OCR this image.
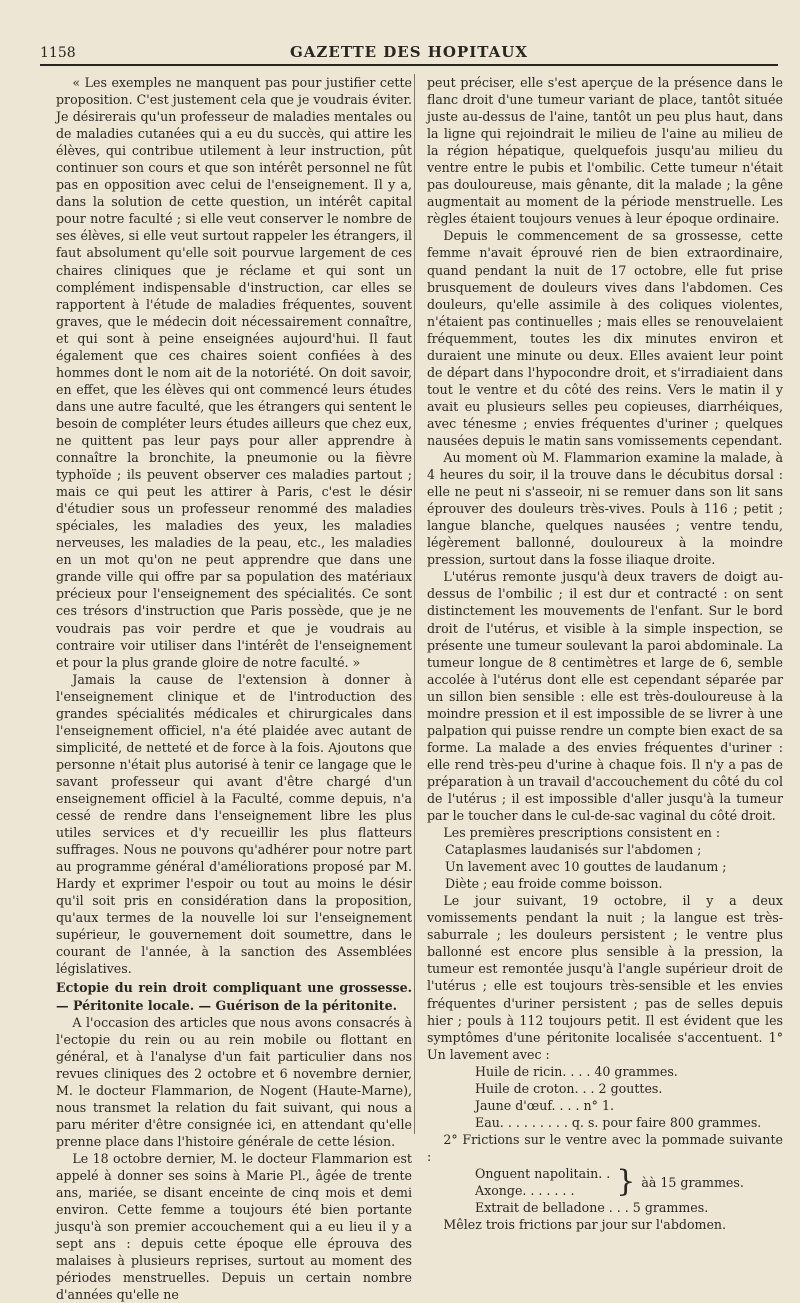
1158	GAZETTE DES HOPITAUX

« Les exemples ne manquent pas pour justifier cette proposition. C'est justement cela que je voudrais éviter. Je désirerais qu'un professeur de maladies mentales ou de maladies cutanées qui a eu du succès, qui attire les élèves, qui contribue utilement à leur instruction, pût continuer son cours et que son intérêt personnel ne fût pas en opposition avec celui de l'enseignement. Il y a, dans la solution de cette question, un intérêt capital pour notre faculté ; si elle veut conserver le nombre de ses élèves, si elle veut surtout rappeler les étrangers, il faut absolument qu'elle soit pourvue largement de ces chaires cliniques que je réclame et qui sont un complément indispensable d'instruction, car elles se rapportent à l'étude de maladies fréquentes, souvent graves, que le médecin doit nécessairement connaître, et qui sont à peine enseignées aujourd'hui. Il faut également que ces chaires soient confiées à des hommes dont le nom ait de la notoriété. On doit savoir, en effet, que les élèves qui ont commencé leurs études dans une autre faculté, que les étrangers qui sentent le besoin de compléter leurs études ailleurs que chez eux, ne quittent pas leur pays pour aller apprendre à connaître la bronchite, la pneumonie ou la fièvre typhoïde ; ils peuvent observer ces maladies partout ; mais ce qui peut les attirer à Paris, c'est le désir d'étudier sous un professeur renommé des maladies spéciales, les maladies des yeux, les maladies nerveuses, les maladies de la peau, etc., les maladies en un mot qu'on ne peut apprendre que dans une grande ville qui offre par sa population des matériaux précieux pour l'enseignement des spécialités. Ce sont ces trésors d'instruction que Paris possède, que je ne voudrais pas voir perdre et que je voudrais au contraire voir utiliser dans l'intérêt de l'enseignement et pour la plus grande gloire de notre faculté. »

Jamais la cause de l'extension à donner à l'enseignement clinique et de l'introduction des grandes spécialités médicales et chirurgicales dans l'enseignement officiel, n'a été plaidée avec autant de simplicité, de netteté et de force à la fois. Ajoutons que personne n'était plus autorisé à tenir ce langage que le savant professeur qui avant d'être chargé d'un enseignement officiel à la Faculté, comme depuis, n'a cessé de rendre dans l'enseignement libre les plus utiles services et d'y recueillir les plus flatteurs suffrages. Nous ne pouvons qu'adhérer pour notre part au programme général d'améliorations proposé par M. Hardy et exprimer l'espoir ou tout au moins le désir qu'il soit pris en considération dans la proposition, qu'aux termes de la nouvelle loi sur l'enseignement supérieur, le gouvernement doit soumettre, dans le courant de l'année, à la sanction des Assemblées législatives.

Ectopie du rein droit compliquant une grossesse. — Péritonite locale. — Guérison de la péritonite.

A l'occasion des articles que nous avons consacrés à l'ectopie du rein ou au rein mobile ou flottant en général, et à l'analyse d'un fait particulier dans nos revues cliniques des 2 octobre et 6 novembre dernier, M. le docteur Flammarion, de Nogent (Haute-Marne), nous transmet la relation du fait suivant, qui nous a paru mériter d'être consignée ici, en attendant qu'elle prenne place dans l'histoire générale de cette lésion.

Le 18 octobre dernier, M. le docteur Flammarion est appelé à donner ses soins à Marie Pl., âgée de trente ans, mariée, se disant enceinte de cinq mois et demi environ. Cette femme a toujours été bien portante jusqu'à son premier accouchement qui a eu lieu il y a sept ans : depuis cette époque elle éprouva des malaises à plusieurs reprises, surtout au moment des périodes menstruelles. Depuis un certain nombre d'années qu'elle ne

peut préciser, elle s'est aperçue de la présence dans le flanc droit d'une tumeur variant de place, tantôt située juste au-dessus de l'aine, tantôt un peu plus haut, dans la ligne qui rejoindrait le milieu de l'aine au milieu de la région hépatique, quelquefois jusqu'au milieu du ventre entre le pubis et l'ombilic. Cette tumeur n'était pas douloureuse, mais gênante, dit la malade ; la gêne augmentait au moment de la période menstruelle. Les règles étaient toujours venues à leur époque ordinaire.

Depuis le commencement de sa grossesse, cette femme n'avait éprouvé rien de bien extraordinaire, quand pendant la nuit de 17 octobre, elle fut prise brusquement de douleurs vives dans l'abdomen. Ces douleurs, qu'elle assimile à des coliques violentes, n'étaient pas continuelles ; mais elles se renouvelaient fréquemment, toutes les dix minutes environ et duraient une minute ou deux. Elles avaient leur point de départ dans l'hypocondre droit, et s'irradiaient dans tout le ventre et du côté des reins. Vers le matin il y avait eu plusieurs selles peu copieuses, diarrhéiques, avec ténesme ; envies fréquentes d'uriner ; quelques nausées depuis le matin sans vomissements cependant.

Au moment où M. Flammarion examine la malade, à 4 heures du soir, il la trouve dans le décubitus dorsal : elle ne peut ni s'asseoir, ni se remuer dans son lit sans éprouver des douleurs très-vives. Pouls à 116 ; petit ; langue blanche, quelques nausées ; ventre tendu, légèrement ballonné, douloureux à la moindre pression, surtout dans la fosse iliaque droite.

L'utérus remonte jusqu'à deux travers de doigt au-dessus de l'ombilic ; il est dur et contracté : on sent distinctement les mouvements de l'enfant. Sur le bord droit de l'utérus, et visible à la simple inspection, se présente une tumeur soulevant la paroi abdominale. La tumeur longue de 8 centimètres et large de 6, semble accolée à l'utérus dont elle est cependant séparée par un sillon bien sensible : elle est très-douloureuse à la moindre pression et il est impossible de se livrer à une palpation qui puisse rendre un compte bien exact de sa forme. La malade a des envies fréquentes d'uriner : elle rend très-peu d'urine à chaque fois. Il n'y a pas de préparation à un travail d'accouchement du côté du col de l'utérus ; il est impossible d'aller jusqu'à la tumeur par le toucher dans le cul-de-sac vaginal du côté droit.

Les premières prescriptions consistent en :

Cataplasmes laudanisés sur l'abdomen ;

Un lavement avec 10 gouttes de laudanum ;

Diète ; eau froide comme boisson.

Le jour suivant, 19 octobre, il y a deux vomissements pendant la nuit ; la langue est très-saburrale ; les douleurs persistent ; le ventre plus ballonné est encore plus sensible à la pression, la tumeur est remontée jusqu'à l'angle supérieur droit de l'utérus ; elle est toujours très-sensible et les envies fréquentes d'uriner persistent ; pas de selles depuis hier ; pouls à 112 toujours petit. Il est évident que les symptômes d'une péritonite localisée s'accentuent. 1° Un lavement avec :

Huile de ricin. . . . 40 grammes.

Huile de croton. . . 2 gouttes.

Jaune d'œuf. . . . n° 1.

Eau. . . . . . . . . q. s. pour faire 800 grammes.

2° Frictions sur le ventre avec la pommade suivante :

Onguent napolitain. .
Axonge. . . . . . .	} àà 15 grammes.

Extrait de belladone . . . 5 grammes.

Mêlez trois frictions par jour sur l'abdomen.
